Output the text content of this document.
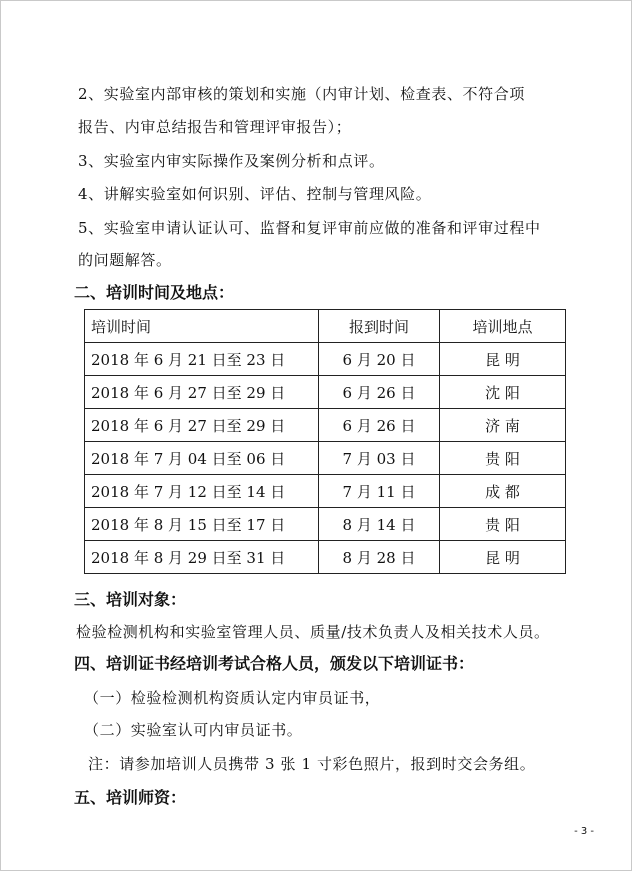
2、实验室内部审核的策划和实施（内审计划、检查表、不符合项
报告、内审总结报告和管理评审报告）；
3、实验室内审实际操作及案例分析和点评。
4、讲解实验室如何识别、评估、控制与管理风险。
5、实验室申请认证认可、监督和复评审前应做的准备和评审过程中
的问题解答。
二、培训时间及地点：
培训时间	报到时间	培训地点
2018 年 6 月 21 日至 23 日	6 月 20 日	昆 明
2018 年 6 月 27 日至 29 日	6 月 26 日	沈 阳
2018 年 6 月 27 日至 29 日	6 月 26 日	济 南
2018 年 7 月 04 日至 06 日	7 月 03 日	贵 阳
2018 年 7 月 12 日至 14 日	7 月 11 日	成 都
2018 年 8 月 15 日至 17 日	8 月 14 日	贵 阳
2018 年 8 月 29 日至 31 日	8 月 28 日	昆 明
三、培训对象：
检验检测机构和实验室管理人员、质量/技术负责人及相关技术人员。
四、培训证书经培训考试合格人员，颁发以下培训证书：
（一）检验检测机构资质认定内审员证书，
（二）实验室认可内审员证书。
注：请参加培训人员携带 3 张 1 寸彩色照片，报到时交会务组。
五、培训师资：
- 3 -
